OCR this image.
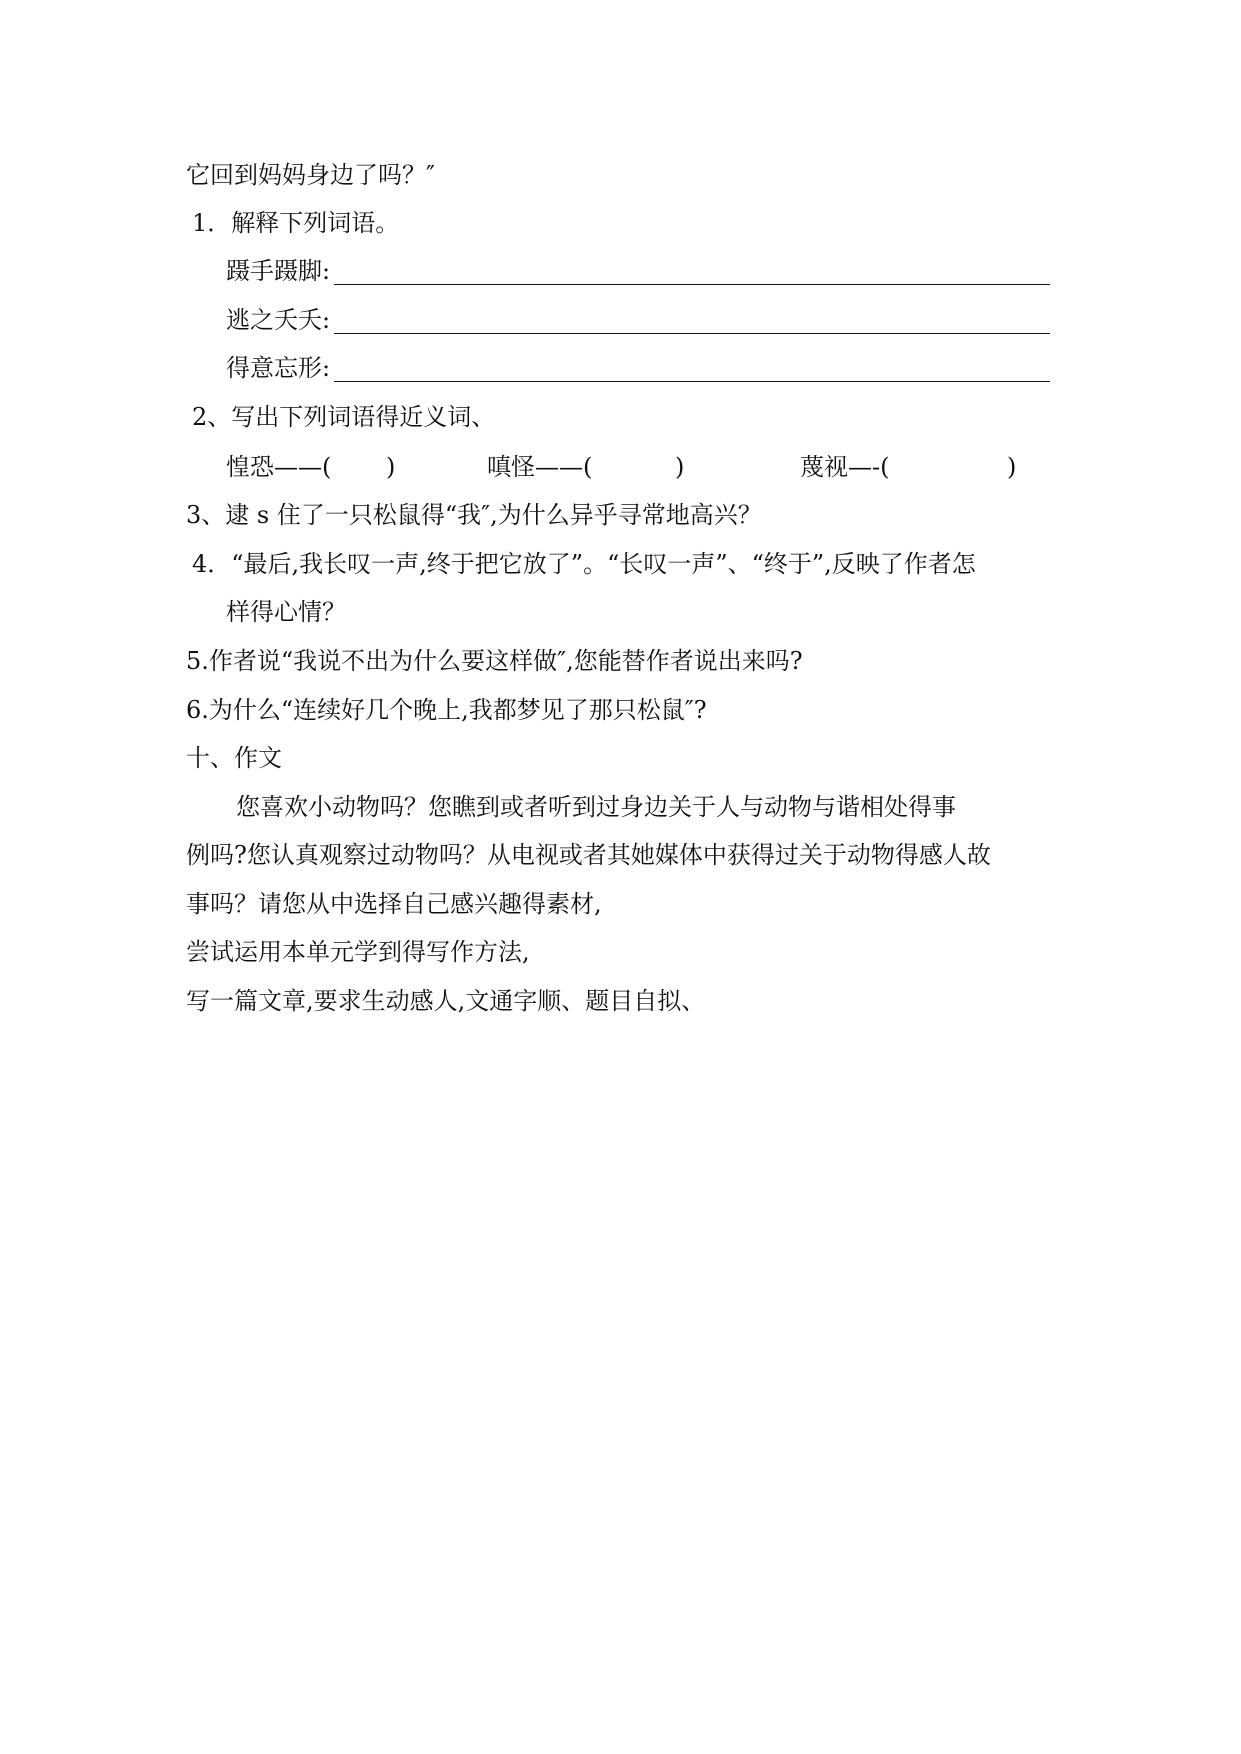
它回到妈妈身边了吗？″
1．解释下列词语。
蹑手蹑脚:
逃之夭夭:
得意忘形:
2、写出下列词语得近义词、
惶恐——( )	嗔怪——(	)	蔑视—-(	)
3、逮 s 住了一只松鼠得“我″,为什么异乎寻常地高兴？
4．“最后,我长叹一声,终于把它放了”。“长叹一声”、“终于”,反映了作者怎
样得心情？
5.作者说“我说不出为什么要这样做″,您能替作者说出来吗?
6.为什么“连续好几个晚上,我都梦见了那只松鼠″?
十、作文
您喜欢小动物吗？您瞧到或者听到过身边关于人与动物与谐相处得事
例吗?您认真观察过动物吗？从电视或者其她媒体中获得过关于动物得感人故
事吗？请您从中选择自己感兴趣得素材,
尝试运用本单元学到得写作方法,
写一篇文章,要求生动感人,文通字顺、题目自拟、
